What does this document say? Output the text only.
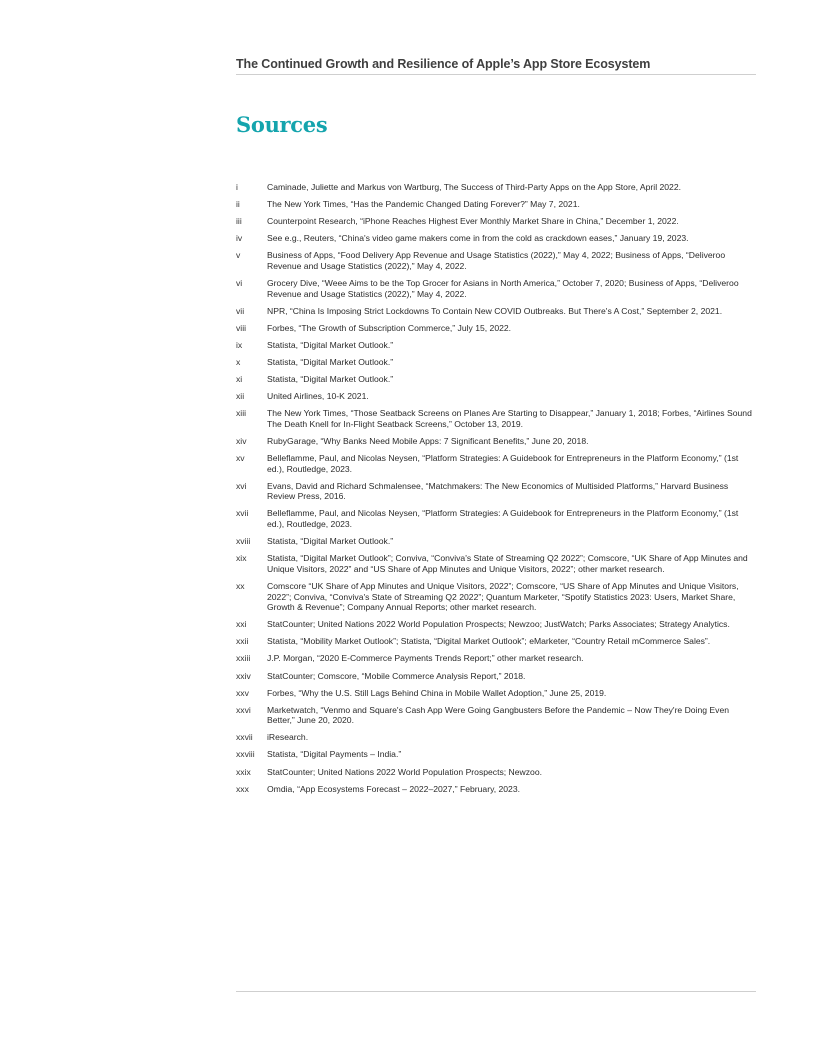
The Continued Growth and Resilience of Apple’s App Store Ecosystem
Sources
i	Caminade, Juliette and Markus von Wartburg, The Success of Third-Party Apps on the App Store, April 2022.
ii	The New York Times, “Has the Pandemic Changed Dating Forever?” May 7, 2021.
iii	Counterpoint Research, “iPhone Reaches Highest Ever Monthly Market Share in China,” December 1, 2022.
iv	See e.g., Reuters, “China's video game makers come in from the cold as crackdown eases,” January 19, 2023.
v	Business of Apps, “Food Delivery App Revenue and Usage Statistics (2022),” May 4, 2022; Business of Apps, “Deliveroo Revenue and Usage Statistics (2022),” May 4, 2022.
vi	Grocery Dive, “Weee Aims to be the Top Grocer for Asians in North America,” October 7, 2020; Business of Apps, “Deliveroo Revenue and Usage Statistics (2022),” May 4, 2022.
vii	NPR, “China Is Imposing Strict Lockdowns To Contain New COVID Outbreaks. But There's A Cost,” September 2, 2021.
viii	Forbes, “The Growth of Subscription Commerce,” July 15, 2022.
ix	Statista, “Digital Market Outlook.”
x	Statista, “Digital Market Outlook.”
xi	Statista, “Digital Market Outlook.”
xii	United Airlines, 10-K 2021.
xiii	The New York Times, “Those Seatback Screens on Planes Are Starting to Disappear,” January 1, 2018; Forbes, “Airlines Sound The Death Knell for In-Flight Seatback Screens,” October 13, 2019.
xiv	RubyGarage, “Why Banks Need Mobile Apps: 7 Significant Benefits,” June 20, 2018.
xv	Belleflamme, Paul, and Nicolas Neysen, “Platform Strategies: A Guidebook for Entrepreneurs in the Platform Economy,” (1st ed.), Routledge, 2023.
xvi	Evans, David and Richard Schmalensee, “Matchmakers: The New Economics of Multisided Platforms,” Harvard Business Review Press, 2016.
xvii	Belleflamme, Paul, and Nicolas Neysen, “Platform Strategies: A Guidebook for Entrepreneurs in the Platform Economy,” (1st ed.), Routledge, 2023.
xviii	Statista, “Digital Market Outlook.”
xix	Statista, “Digital Market Outlook”; Conviva, “Conviva's State of Streaming Q2 2022”; Comscore, “UK Share of App Minutes and Unique Visitors, 2022” and “US Share of App Minutes and Unique Visitors, 2022”; other market research.
xx	Comscore “UK Share of App Minutes and Unique Visitors, 2022”; Comscore, “US Share of App Minutes and Unique Visitors, 2022”; Conviva, “Conviva's State of Streaming Q2 2022”; Quantum Marketer, “Spotify Statistics 2023: Users, Market Share, Growth & Revenue”; Company Annual Reports; other market research.
xxi	StatCounter; United Nations 2022 World Population Prospects; Newzoo; JustWatch; Parks Associates; Strategy Analytics.
xxii	Statista, “Mobility Market Outlook”; Statista, “Digital Market Outlook”; eMarketer, “Country Retail mCommerce Sales”.
xxiii	J.P. Morgan, “2020 E-Commerce Payments Trends Report;” other market research.
xxiv	StatCounter; Comscore, “Mobile Commerce Analysis Report,” 2018.
xxv	Forbes, “Why the U.S. Still Lags Behind China in Mobile Wallet Adoption,” June 25, 2019.
xxvi	Marketwatch, “Venmo and Square's Cash App Were Going Gangbusters Before the Pandemic – Now They're Doing Even Better,” June 20, 2020.
xxvii	iResearch.
xxviii	Statista, “Digital Payments – India.”
xxix	StatCounter; United Nations 2022 World Population Prospects; Newzoo.
xxx	Omdia, “App Ecosystems Forecast – 2022–2027,” February, 2023.
